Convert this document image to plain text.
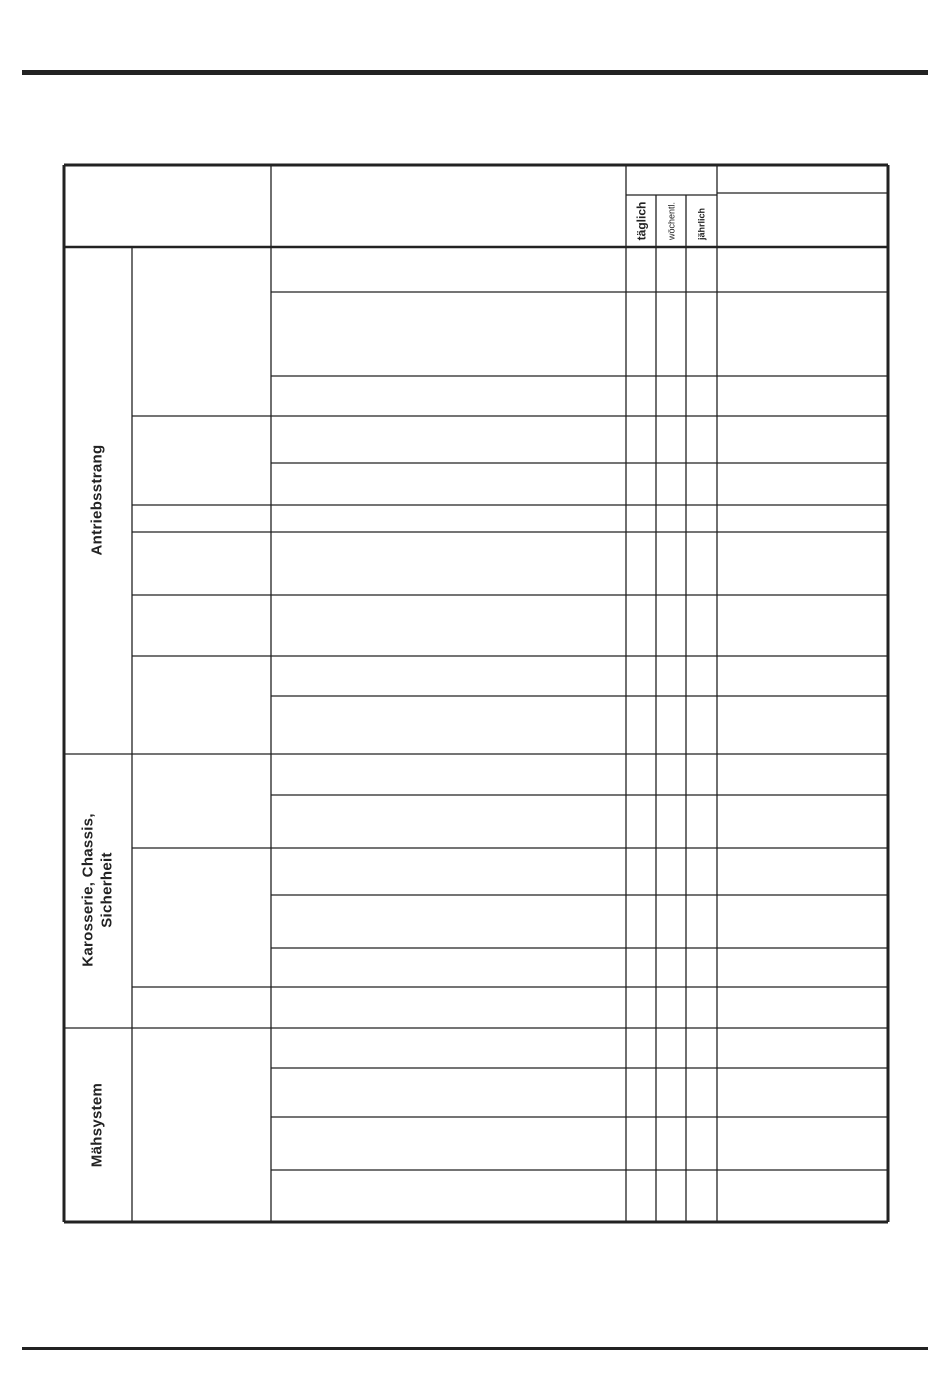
täglich wöchentl. jährlich
Antriebsstrang
Karosserie, Chassis, Sicherheit
Mähsystem
